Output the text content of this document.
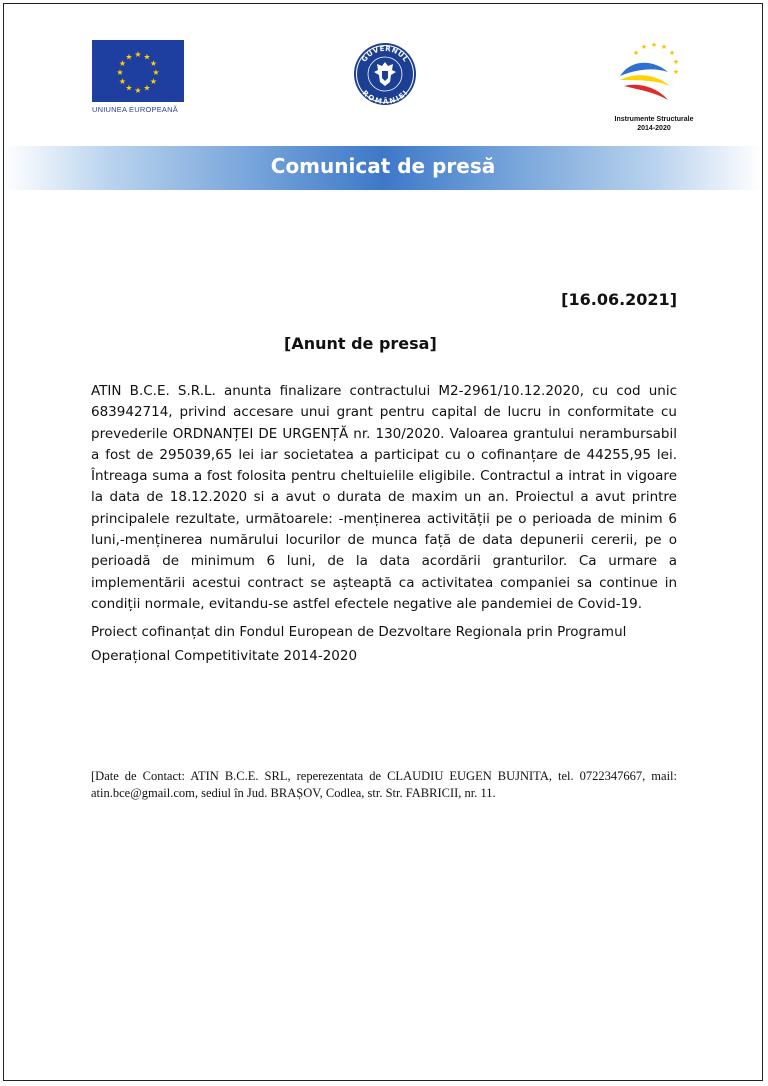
★ ★
★
★
★
★
★
★
★
★
★
★
UNIUNEA EUROPEANĂ
GUVERNUL
ROMÂNIEI
★ ★
★
★
★
★
★
Instrumente Structurale
2014-2020
Comunicat de presă
[16.06.2021]
[Anunt de presa]
ATIN B.C.E. S.R.L. anunta finalizare contractului M2-2961/10.12.2020, cu cod unic 683942714, privind accesare unui grant pentru capital de lucru in conformitate cu prevederile ORDNANȚEI DE URGENȚĂ nr. 130/2020. Valoarea grantului nerambursabil a fost de 295039,65 lei iar societatea a participat cu o cofinanțare de 44255,95 lei. Întreaga suma a fost folosita pentru cheltuielile eligibile. Contractul a intrat in vigoare la data de 18.12.2020 si a avut o durata de maxim un an. Proiectul a avut printre principalele rezultate, următoarele: -menținerea activității pe o perioada de minim 6 luni,-menținerea numărului locurilor de munca față de data depunerii cererii, pe o perioadă de minimum 6 luni, de la data acordării granturilor. Ca urmare a implementării acestui contract se așteaptă ca activitatea companiei sa continue in condiții normale, evitandu-se astfel efectele negative ale pandemiei de Covid-19.
Proiect cofinanțat din Fondul European de Dezvoltare Regionala prin Programul
Operațional Competitivitate 2014-2020
[Date de Contact: ATIN B.C.E. SRL, reperezentata de CLAUDIU EUGEN BUJNITA, tel. 0722347667, mail: atin.bce@gmail.com, sediul în Jud. BRAȘOV, Codlea, str. Str. FABRICII, nr. 11.
